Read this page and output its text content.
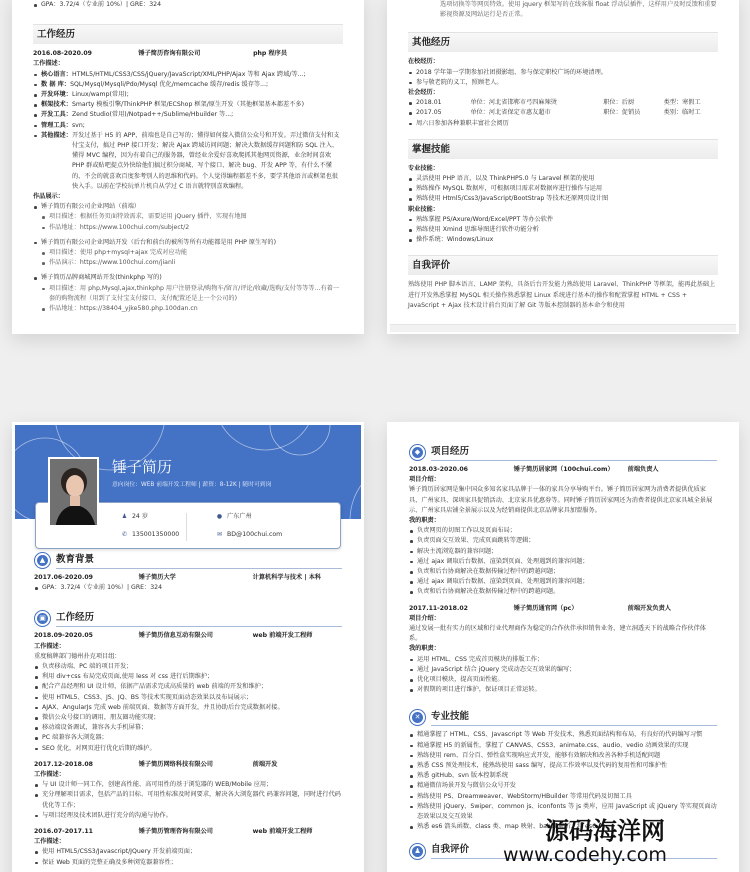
GPA：3.72/4（专业前 10%）| GRE：324
工作经历
2016.08-2020.09	锤子简历咨询有限公司	php 程序员
工作描述：
核心语言： HTML5/HTML/CSS3/CSS/jQuery/JavaScript/XML/PHP/Ajax 等和 Ajax 跨域/等...;
数 据 库： SQL/Mysql/Mysqli/Pdo/Mysql 优化/memcache 缓存/redis 缓存等...;
开发环境： Linux/wamp(常用);
框架技术： Smarty 模板引擎/ThinkPHP 框架/ECShop 框架/原生开发（其他框架基本都差不多)
开发工具： Zend Studio(常用)/Notpad++/Sublime/Hbuilder 等...;
管理工具： svn;
其他描述： 开发过基于 H5 的 APP，前端也是自己写的；懂得如何接入微信公众号和开发。弄过微信支付和支付宝支付，搞过 PHP 接口开发；解决 Ajax 跨域访问问题；解决大数据缓存问题和防 SQL 注入、懂得 MVC 编程，因为有着自己的服务器，曾经业余爱好喜欢爬抓其他网页资源，业余时间喜欢 PHP 群或贴吧提点外快给他们搞过积分商城、写个接口、解决 bug、开发 APP 等，有什么不懂的、不会的就喜欢百度参考别人的思维和代码。个人觉得编程都差不多，要学其他语言或框架也很快入手。以前在学校玩单片机自从学过 C 语言就特别喜欢编程。
作品展示：
锤子简历有限公司企业网站（前端）
项目描述：根据任务页面特效需求，需要运用 jQuery 插件，实现有地图
作品地址：https://www.100chui.com/subject/2
锤子简历有限公司企业网站开发（后台和前台的被所等所有功能都是用 PHP 原生写的)
项目描述：使用 php+mysql+ajax 完成对应功能
作品演示：https://www.100chui.com/jianli
锤子简历品牌商城网站开发(thinkphp 写的)
项目描述：用 php,Mysql,ajax,thinkphp 用户注册登录/购物车/留言/评论/收藏/选购/支付等等等...有着一套的购物流程（用到了支付宝支付接口、支付配置还是上一个公司的)
作品地址：https://38404_yjke580.php.100dan.cn
选项切换等等网页特效。使用 jquery 框架写的在线客服 float 浮动层插件，这样用户及时反馈和重要影视资源及网站运行是否正常。
其他经历
在校经历：
2018 学年第一学期参加社团摄影组、参与保定职校广场的环境清理。
参与敬老院的义工，照顾老人。
社会经历：
2018.01	单位：河北省邯郸市弓四麻辣烫	职位：后厨	类型：寒假工
2017.05	单位：河北省保定市惠友超市	职位：促销员	类别：临时工
周六日参加各种兼职丰富社会阅历
掌握技能
专业技能：
灵活使用 PHP 语言，以及 ThinkPHP5.0 与 Laravel 框架的使用
熟练操作 MySQL 数据库，可根据项目需求对数据库进行操作与运用
熟练使用 Html5/Css3/JavaScript/BootStrap 等技术还原网页设计图
职业技能：
熟练掌握 PS/Axure/Word/Excel/PPT 等办公软件
熟练使用 Xmind 思维导图进行软件功能分析
操作系统：Windows/Linux
自我评价
熟练使用 PHP 脚本语言、LAMP 架构，具备后台开发能力熟练使用 Laravel、ThinkPHP 等框架，能再此基础上进行开发熟悉掌握 MySQL 相关操作熟悉掌握 Linux 系统进行基本的操作和配置掌握 HTML + CSS + JavaScript + Ajax 技术设计前台页面了解 Git 等版本控制器的基本命令和使用
锤子简历
意向岗位：WEB 前端开发工程师 | 薪资：8-12K | 随时可到岗
♟ 24 岁
✆ 135001350000
● 广东广州
✉ BD@100chui.com
▲ 教育背景
2017.06-2020.09	锤子简历大学	计算机科学与技术 | 本科
GPA：3.72/4（专业前 10%）| GRE：324
▣ 工作经历
2018.09-2020.05	锤子简历信息互动有限公司	web 前端开发工程师
工作描述：
重度稿牌部门德州扑克项目组：
负责移动端、PC 端的项目开发；
利用 div+css 布局完成页面,使用 less 对 css 进行后期维护；
配合产品经理和 UI 设计师，依据产品需求完成高质量的 web 前端的开发和维护；
使用 HTML5、CSS3、JS、JQ、BS 等技术实现页面动态效果以及布局展示；
AJAX、AngularJs 完成 web 前端页面、数据等方面开发，并且协助后台完成数据对接。
微信公众号接口的调用，朋友圈功能实现；
移动端设备调试，兼容各大手机屏幕；
PC 端兼容各大浏览器；
SEO 优化，对网页进行优化后期的维护。
2017.12-2018.08	锤子简历网络科技有限公司	前端开发
工作描述：
与 UI 设计师一同工作，创建高性能、高可用性的基于浏览器的 WEB/Mobile 应用；
充分理解项目需求，包括产品的目标、可用性标准及时间要求，解决各大浏览器代 码兼容问题，同时进行代码优化等工作；
与项目经理及技术团队进行充分的沟通与协作。
2016.07-2017.11	锤子简历管理咨询有限公司	web 前端开发工程师
工作描述：
使用 HTML5/CSS3/Javascript/JQuery 开发前端页面；
保证 Web 页面的完整正确及多种浏览器兼容性；
◆ 项目经历
2018.03-2020.06	锤子简历居家网（100chui.com）	前端负责人
项目介绍：
锤子简历居家网是集中国众多知名家具品牌于一体的家具分享导购平台。锤子简历居家网为消费者提供优质家具、广州家具、深圳家具促销活动、北京家具优惠券等。同时锤子简历居家网还为消费者提供北京家具城全景展示、广州家具店铺全景展示以及为经销商提供北京品牌家具加盟服务。
我的职责：
负责网页的切图工作以及页面布局；
负责页面交互效果、完成页面跳转等逻辑；
解决主流浏览器的兼容问题；
通过 ajax 调取后台数据、渲染到页面、处理遇到的兼容问题；
负责和后台协商解决在数据传输过程中的跨越问题；
通过 ajax 调取后台数据、渲染到页面、处理遇到的兼容问题；
负责和后台协商解决在数据传输过程中的跨越问题。
2017.11-2018.02	锤子简历通官网（pc）	前端开发负责人
项目介绍：
通过发展一批有实力的区域和行业代理商作为稳定的合作伙伴承担销售业务，建立洞透天下的战略合作伙伴体系。
我的职责：
运用 HTML、CSS 完成首页模块的排版工作；
通过 JavaScript 结合 jQuery 完成动态交互效果的编写；
优化项目模块，提高页面性能。
对假期的项目进行维护，保证项目正常运转。
✕ 专业技能
精通掌握了 HTML、CSS、Javascript 等 Web 开发技术，熟悉页面结构和布局，有良好的代码编写习惯
精通掌握 H5 的新属性，掌握了 CANVAS、CSS3、animate.css、audio、vedio 动画效果的实现
熟练使用 rem、百分百、弹性盒实现响应式开发，能够有效解决和改善各种手机适配问题
熟悉 CSS 预处理技术，能熟练使用 sass 编写，提高工作效率以及代码的复用性和可维护性
熟悉 gitHub、svn 版本控制系统
精通微信场景开发与微信公众号开发
熟练使用 PS、Dreamweaver、WebStorm/HBuilder 等常用代码及切图工具
熟练使用 jQuery、Swiper、common js、iconfonts 等 js 类库，应用 JavaScript 或 jQuery 等实现页面动态效果以及交互效果
熟悉 es6 箭头函数、class 类、map 映射、babel 解析，将 es6
♟ 自我评价
源码海洋网
www.codehy.com
